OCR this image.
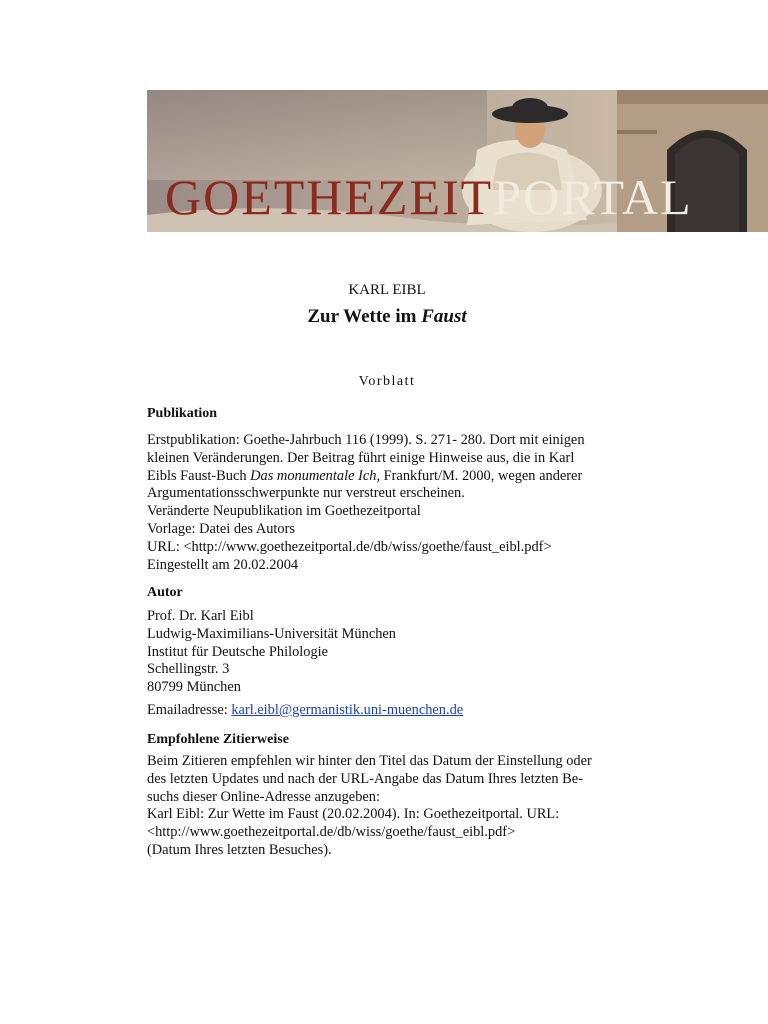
GOETHEZEITPORTAL
KARL EIBL
Zur Wette im Faust
Vorblatt
Publikation
Erstpublikation: Goethe-Jahrbuch 116 (1999). S. 271- 280. Dort mit einigen
kleinen Veränderungen. Der Beitrag führt einige Hinweise aus, die in Karl
Eibls Faust-Buch Das monumentale Ich, Frankfurt/M. 2000, wegen anderer
Argumentationsschwerpunkte nur verstreut erscheinen.
Veränderte Neupublikation im Goethezeitportal
Vorlage: Datei des Autors
URL: <http://www.goethezeitportal.de/db/wiss/goethe/faust_eibl.pdf>
Eingestellt am 20.02.2004
Autor
Prof. Dr. Karl Eibl
Ludwig-Maximilians-Universität München
Institut für Deutsche Philologie
Schellingstr. 3
80799 München
Emailadresse: karl.eibl@germanistik.uni-muenchen.de
Empfohlene Zitierweise
Beim Zitieren empfehlen wir hinter den Titel das Datum der Einstellung oder
des letzten Updates und nach der URL-Angabe das Datum Ihres letzten Be-
suchs dieser Online-Adresse anzugeben:
Karl Eibl: Zur Wette im Faust (20.02.2004). In: Goethezeitportal. URL:
<http://www.goethezeitportal.de/db/wiss/goethe/faust_eibl.pdf>
(Datum Ihres letzten Besuches).
